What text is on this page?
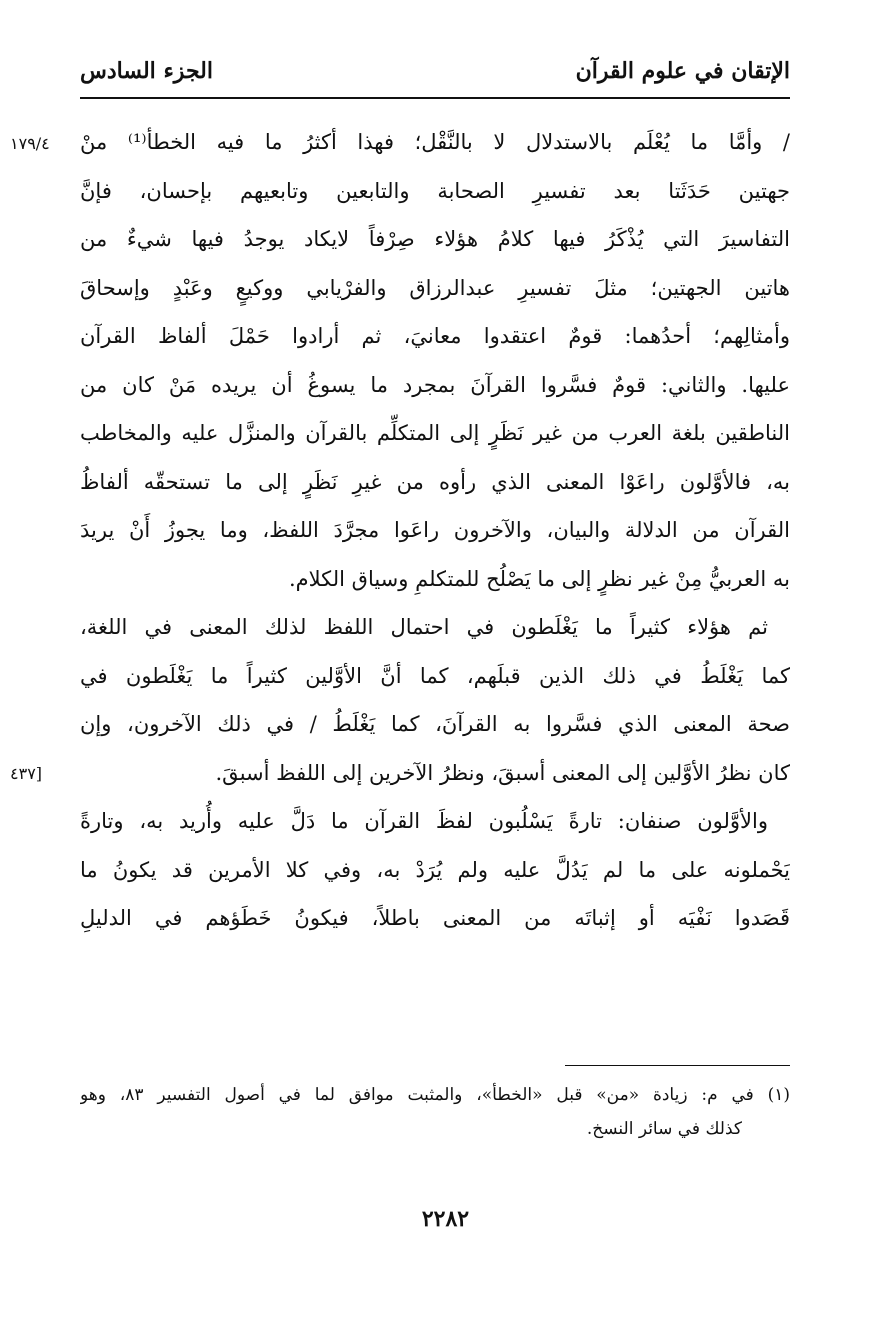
الإتقان في علوم القرآن
الجزء السادس
١٧٩/٤
[٤٣٧
/ وأمَّا ما يُعْلَم بالاستدلال لا بالنَّقْل؛ فهذا أكثرُ ما فيه الخطأ⁽¹⁾ منْ
جهتين حَدَثَتا بعد تفسيرِ الصحابة والتابعين وتابعيهم بإحسان، فإنَّ
التفاسيرَ التي يُذْكَرُ فيها كلامُ هؤلاء صِرْفاً لايكاد يوجدُ فيها شيءٌ من
هاتين الجهتين؛ مثلَ تفسيرِ عبدالرزاق والفرْيابي ووكيعٍ وعَبْدٍ وإسحاقَ
وأمثالِهم؛ أحدُهما: قومٌ اعتقدوا معانيَ، ثم أرادوا حَمْلَ ألفاظ القرآن
عليها. والثاني: قومٌ فسَّروا القرآنَ بمجرد ما يسوغُ أن يريده مَنْ كان من
الناطقين بلغة العرب من غير نَظَرٍ إلى المتكلِّم بالقرآن والمنزَّل عليه والمخاطب
به، فالأوَّلون راعَوْا المعنى الذي رأوه من غيرِ نَظَرٍ إلى ما تستحقّه ألفاظُ
القرآن من الدلالة والبيان، والآخرون راعَوا مجرَّدَ اللفظ، وما يجوزُ أَنْ يريدَ
به العربيُّ مِنْ غير نظرٍ إلى ما يَصْلُح للمتكلمِ وسياق الكلام.
ثم هؤلاء كثيراً ما يَغْلَطون في احتمال اللفظ لذلك المعنى في اللغة،
كما يَغْلَطُ في ذلك الذين قبلَهم، كما أنَّ الأوَّلين كثيراً ما يَغْلَطون في
صحة المعنى الذي فسَّروا به القرآنَ، كما يَغْلَطُ / في ذلك الآخرون، وإن
كان نظرُ الأوَّلين إلى المعنى أسبقَ، ونظرُ الآخرين إلى اللفظ أسبقَ.
والأوَّلون صنفان: تارةً يَسْلُبون لفظَ القرآن ما دَلَّ عليه وأُريد به، وتارةً
يَحْملونه على ما لم يَدُلَّ عليه ولم يُرَدْ به، وفي كلا الأمرين قد يكونُ ما
قَصَدوا نَفْيَه أو إثباتَه من المعنى باطلاً، فيكونُ خَطَؤهم في الدليلِ
(١) في م: زيادة «من» قبل «الخطأ»، والمثبت موافق لما في أصول التفسير ٨٣، وهو
كذلك في سائر النسخ.
٢٢٨٢
